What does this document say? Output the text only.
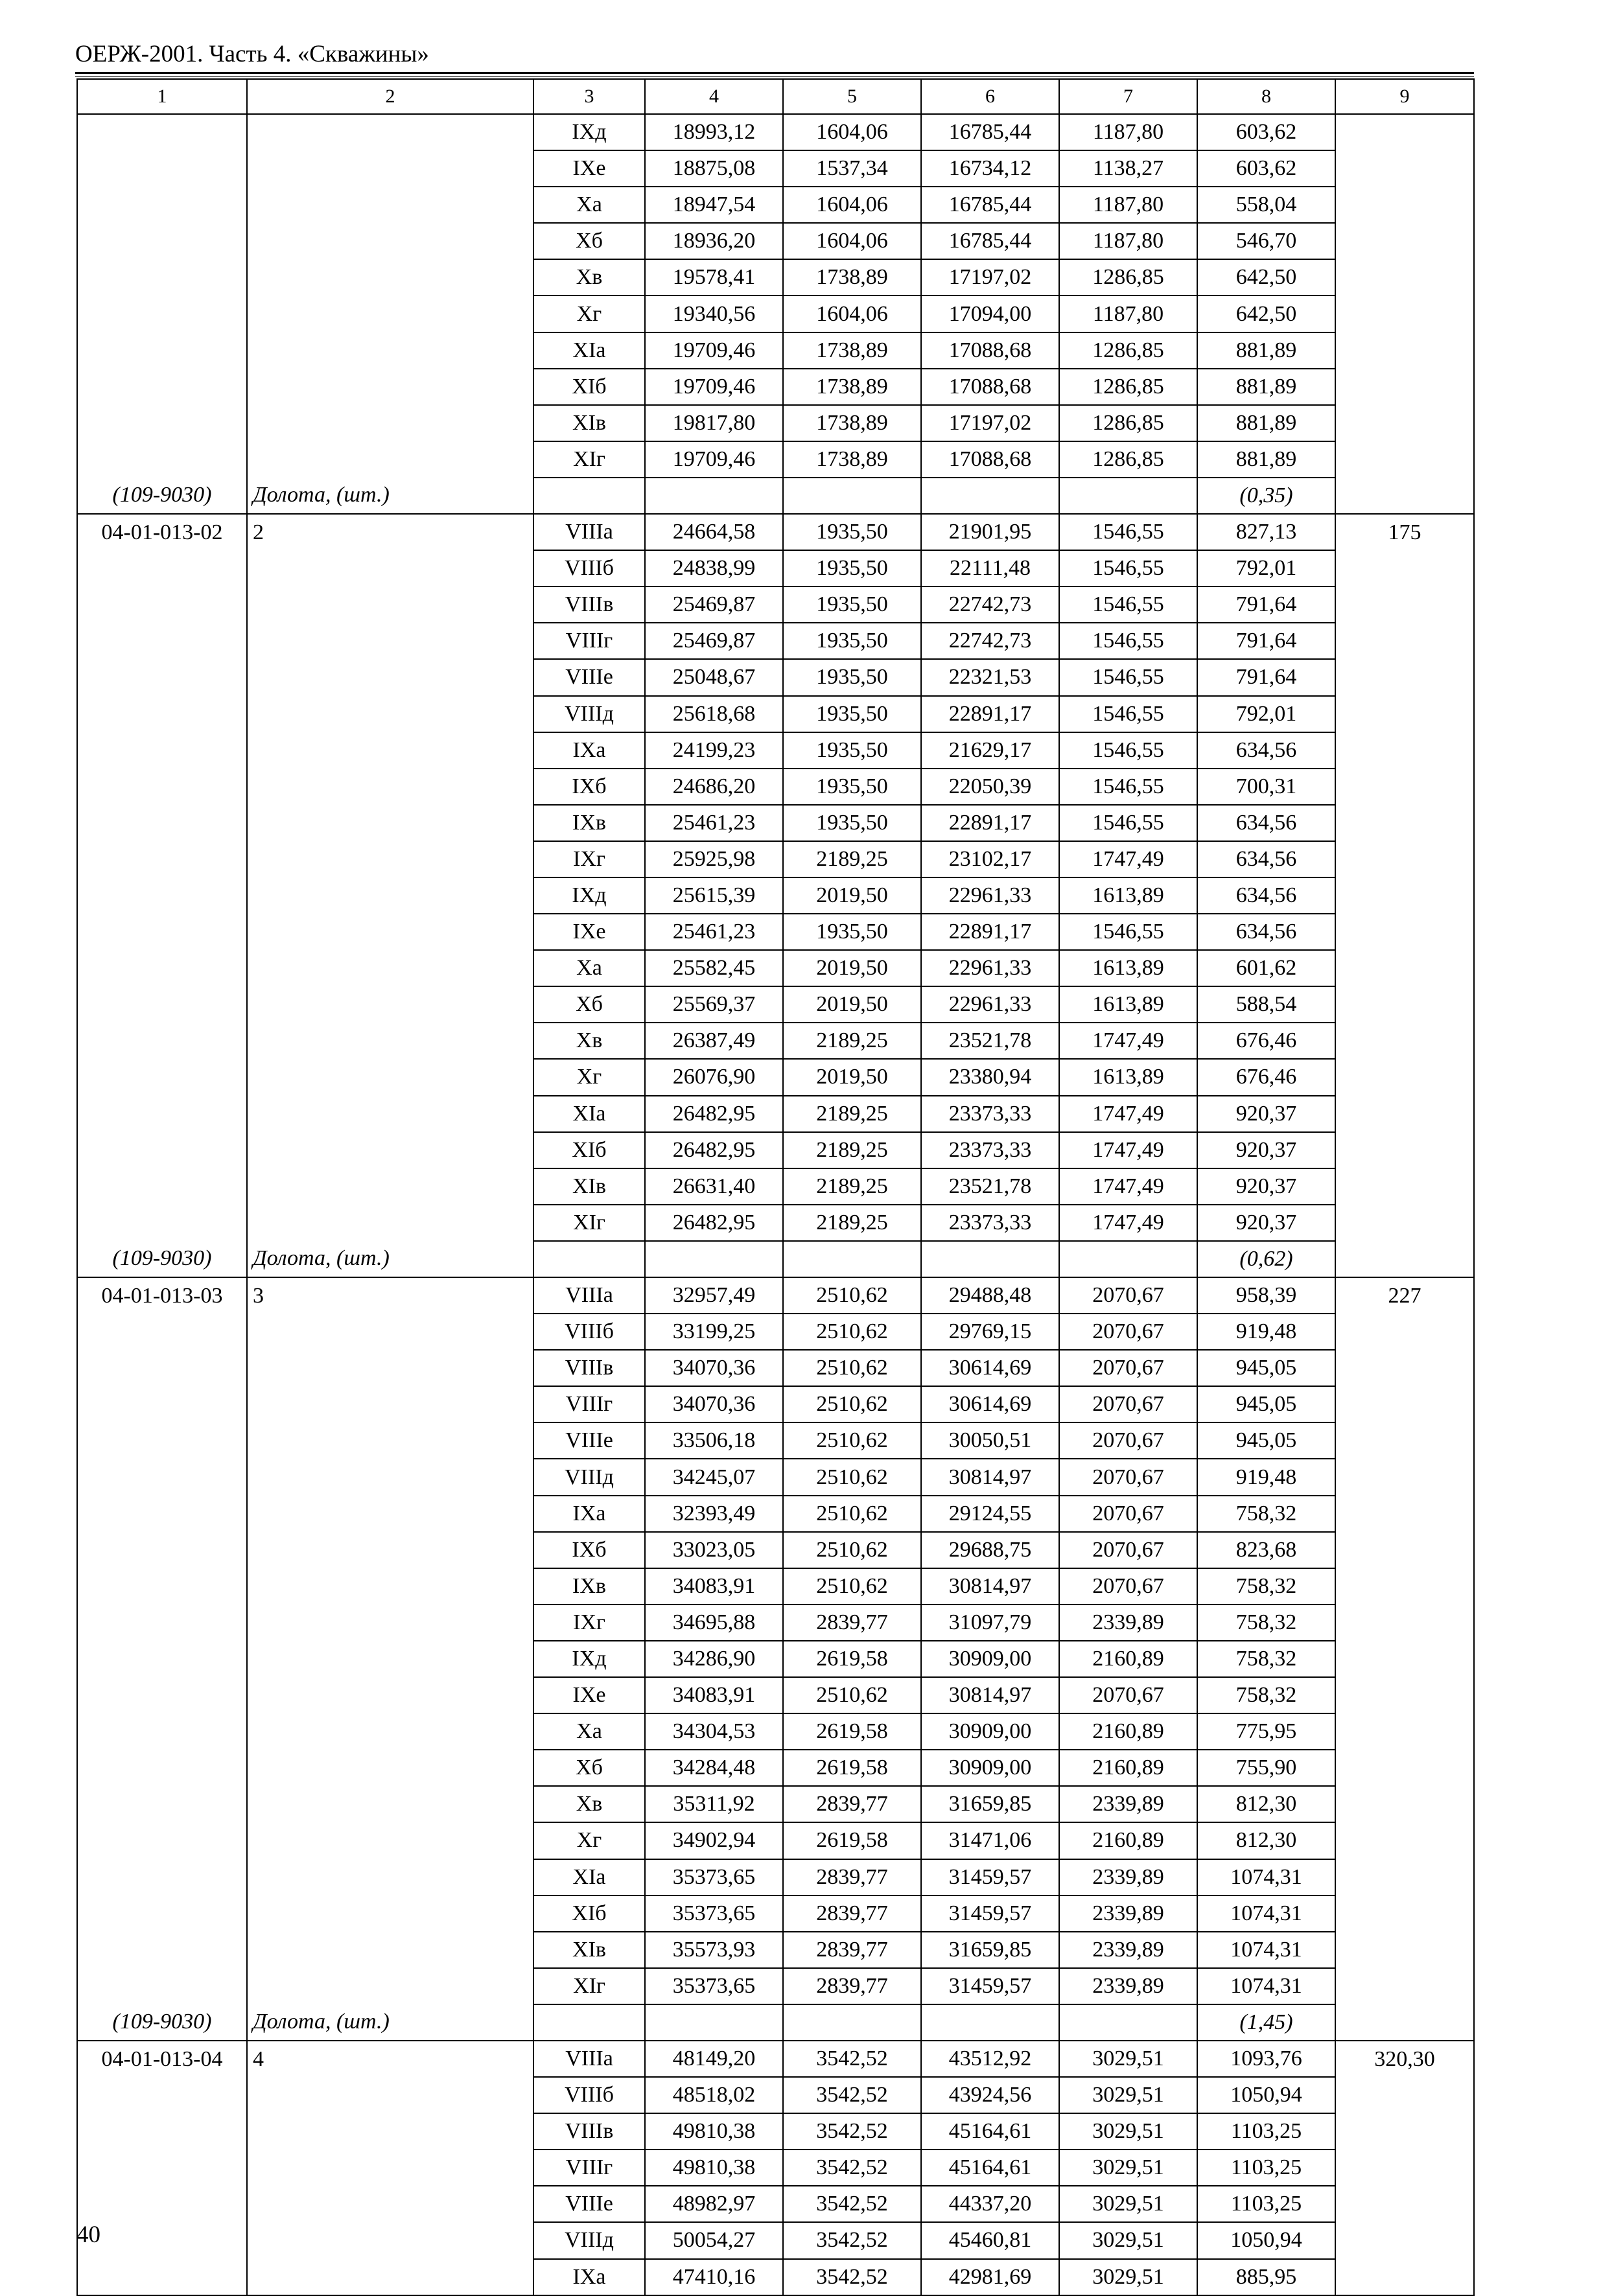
ОЕРЖ-2001. Часть 4. «Скважины»
1	2	3	4	5	6	7	8	9
		IXд	18993,12	1604,06	16785,44	1187,80	603,62	
		IXе	18875,08	1537,34	16734,12	1138,27	603,62	
		Xа	18947,54	1604,06	16785,44	1187,80	558,04	
		Xб	18936,20	1604,06	16785,44	1187,80	546,70	
		Xв	19578,41	1738,89	17197,02	1286,85	642,50	
		Xг	19340,56	1604,06	17094,00	1187,80	642,50	
		XIа	19709,46	1738,89	17088,68	1286,85	881,89	
		XIб	19709,46	1738,89	17088,68	1286,85	881,89	
		XIв	19817,80	1738,89	17197,02	1286,85	881,89	
		XIг	19709,46	1738,89	17088,68	1286,85	881,89	
(109-9030)	Долота, (шт.)						(0,35)	
04-01-013-02	2	VIIIа	24664,58	1935,50	21901,95	1546,55	827,13	175
		VIIIб	24838,99	1935,50	22111,48	1546,55	792,01	
		VIIIв	25469,87	1935,50	22742,73	1546,55	791,64	
		VIIIг	25469,87	1935,50	22742,73	1546,55	791,64	
		VIIIе	25048,67	1935,50	22321,53	1546,55	791,64	
		VIIIд	25618,68	1935,50	22891,17	1546,55	792,01	
		IXа	24199,23	1935,50	21629,17	1546,55	634,56	
		IXб	24686,20	1935,50	22050,39	1546,55	700,31	
		IXв	25461,23	1935,50	22891,17	1546,55	634,56	
		IXг	25925,98	2189,25	23102,17	1747,49	634,56	
		IXд	25615,39	2019,50	22961,33	1613,89	634,56	
		IXе	25461,23	1935,50	22891,17	1546,55	634,56	
		Xа	25582,45	2019,50	22961,33	1613,89	601,62	
		Xб	25569,37	2019,50	22961,33	1613,89	588,54	
		Xв	26387,49	2189,25	23521,78	1747,49	676,46	
		Xг	26076,90	2019,50	23380,94	1613,89	676,46	
		XIа	26482,95	2189,25	23373,33	1747,49	920,37	
		XIб	26482,95	2189,25	23373,33	1747,49	920,37	
		XIв	26631,40	2189,25	23521,78	1747,49	920,37	
		XIг	26482,95	2189,25	23373,33	1747,49	920,37	
(109-9030)	Долота, (шт.)						(0,62)	
04-01-013-03	3	VIIIа	32957,49	2510,62	29488,48	2070,67	958,39	227
		VIIIб	33199,25	2510,62	29769,15	2070,67	919,48	
		VIIIв	34070,36	2510,62	30614,69	2070,67	945,05	
		VIIIг	34070,36	2510,62	30614,69	2070,67	945,05	
		VIIIе	33506,18	2510,62	30050,51	2070,67	945,05	
		VIIIд	34245,07	2510,62	30814,97	2070,67	919,48	
		IXа	32393,49	2510,62	29124,55	2070,67	758,32	
		IXб	33023,05	2510,62	29688,75	2070,67	823,68	
		IXв	34083,91	2510,62	30814,97	2070,67	758,32	
		IXг	34695,88	2839,77	31097,79	2339,89	758,32	
		IXд	34286,90	2619,58	30909,00	2160,89	758,32	
		IXе	34083,91	2510,62	30814,97	2070,67	758,32	
		Xа	34304,53	2619,58	30909,00	2160,89	775,95	
		Xб	34284,48	2619,58	30909,00	2160,89	755,90	
		Xв	35311,92	2839,77	31659,85	2339,89	812,30	
		Xг	34902,94	2619,58	31471,06	2160,89	812,30	
		XIа	35373,65	2839,77	31459,57	2339,89	1074,31	
		XIб	35373,65	2839,77	31459,57	2339,89	1074,31	
		XIв	35573,93	2839,77	31659,85	2339,89	1074,31	
		XIг	35373,65	2839,77	31459,57	2339,89	1074,31	
(109-9030)	Долота, (шт.)						(1,45)	
04-01-013-04	4	VIIIа	48149,20	3542,52	43512,92	3029,51	1093,76	320,30
		VIIIб	48518,02	3542,52	43924,56	3029,51	1050,94	
		VIIIв	49810,38	3542,52	45164,61	3029,51	1103,25	
		VIIIг	49810,38	3542,52	45164,61	3029,51	1103,25	
		VIIIе	48982,97	3542,52	44337,20	3029,51	1103,25	
		VIIIд	50054,27	3542,52	45460,81	3029,51	1050,94	
		IXа	47410,16	3542,52	42981,69	3029,51	885,95	
40
